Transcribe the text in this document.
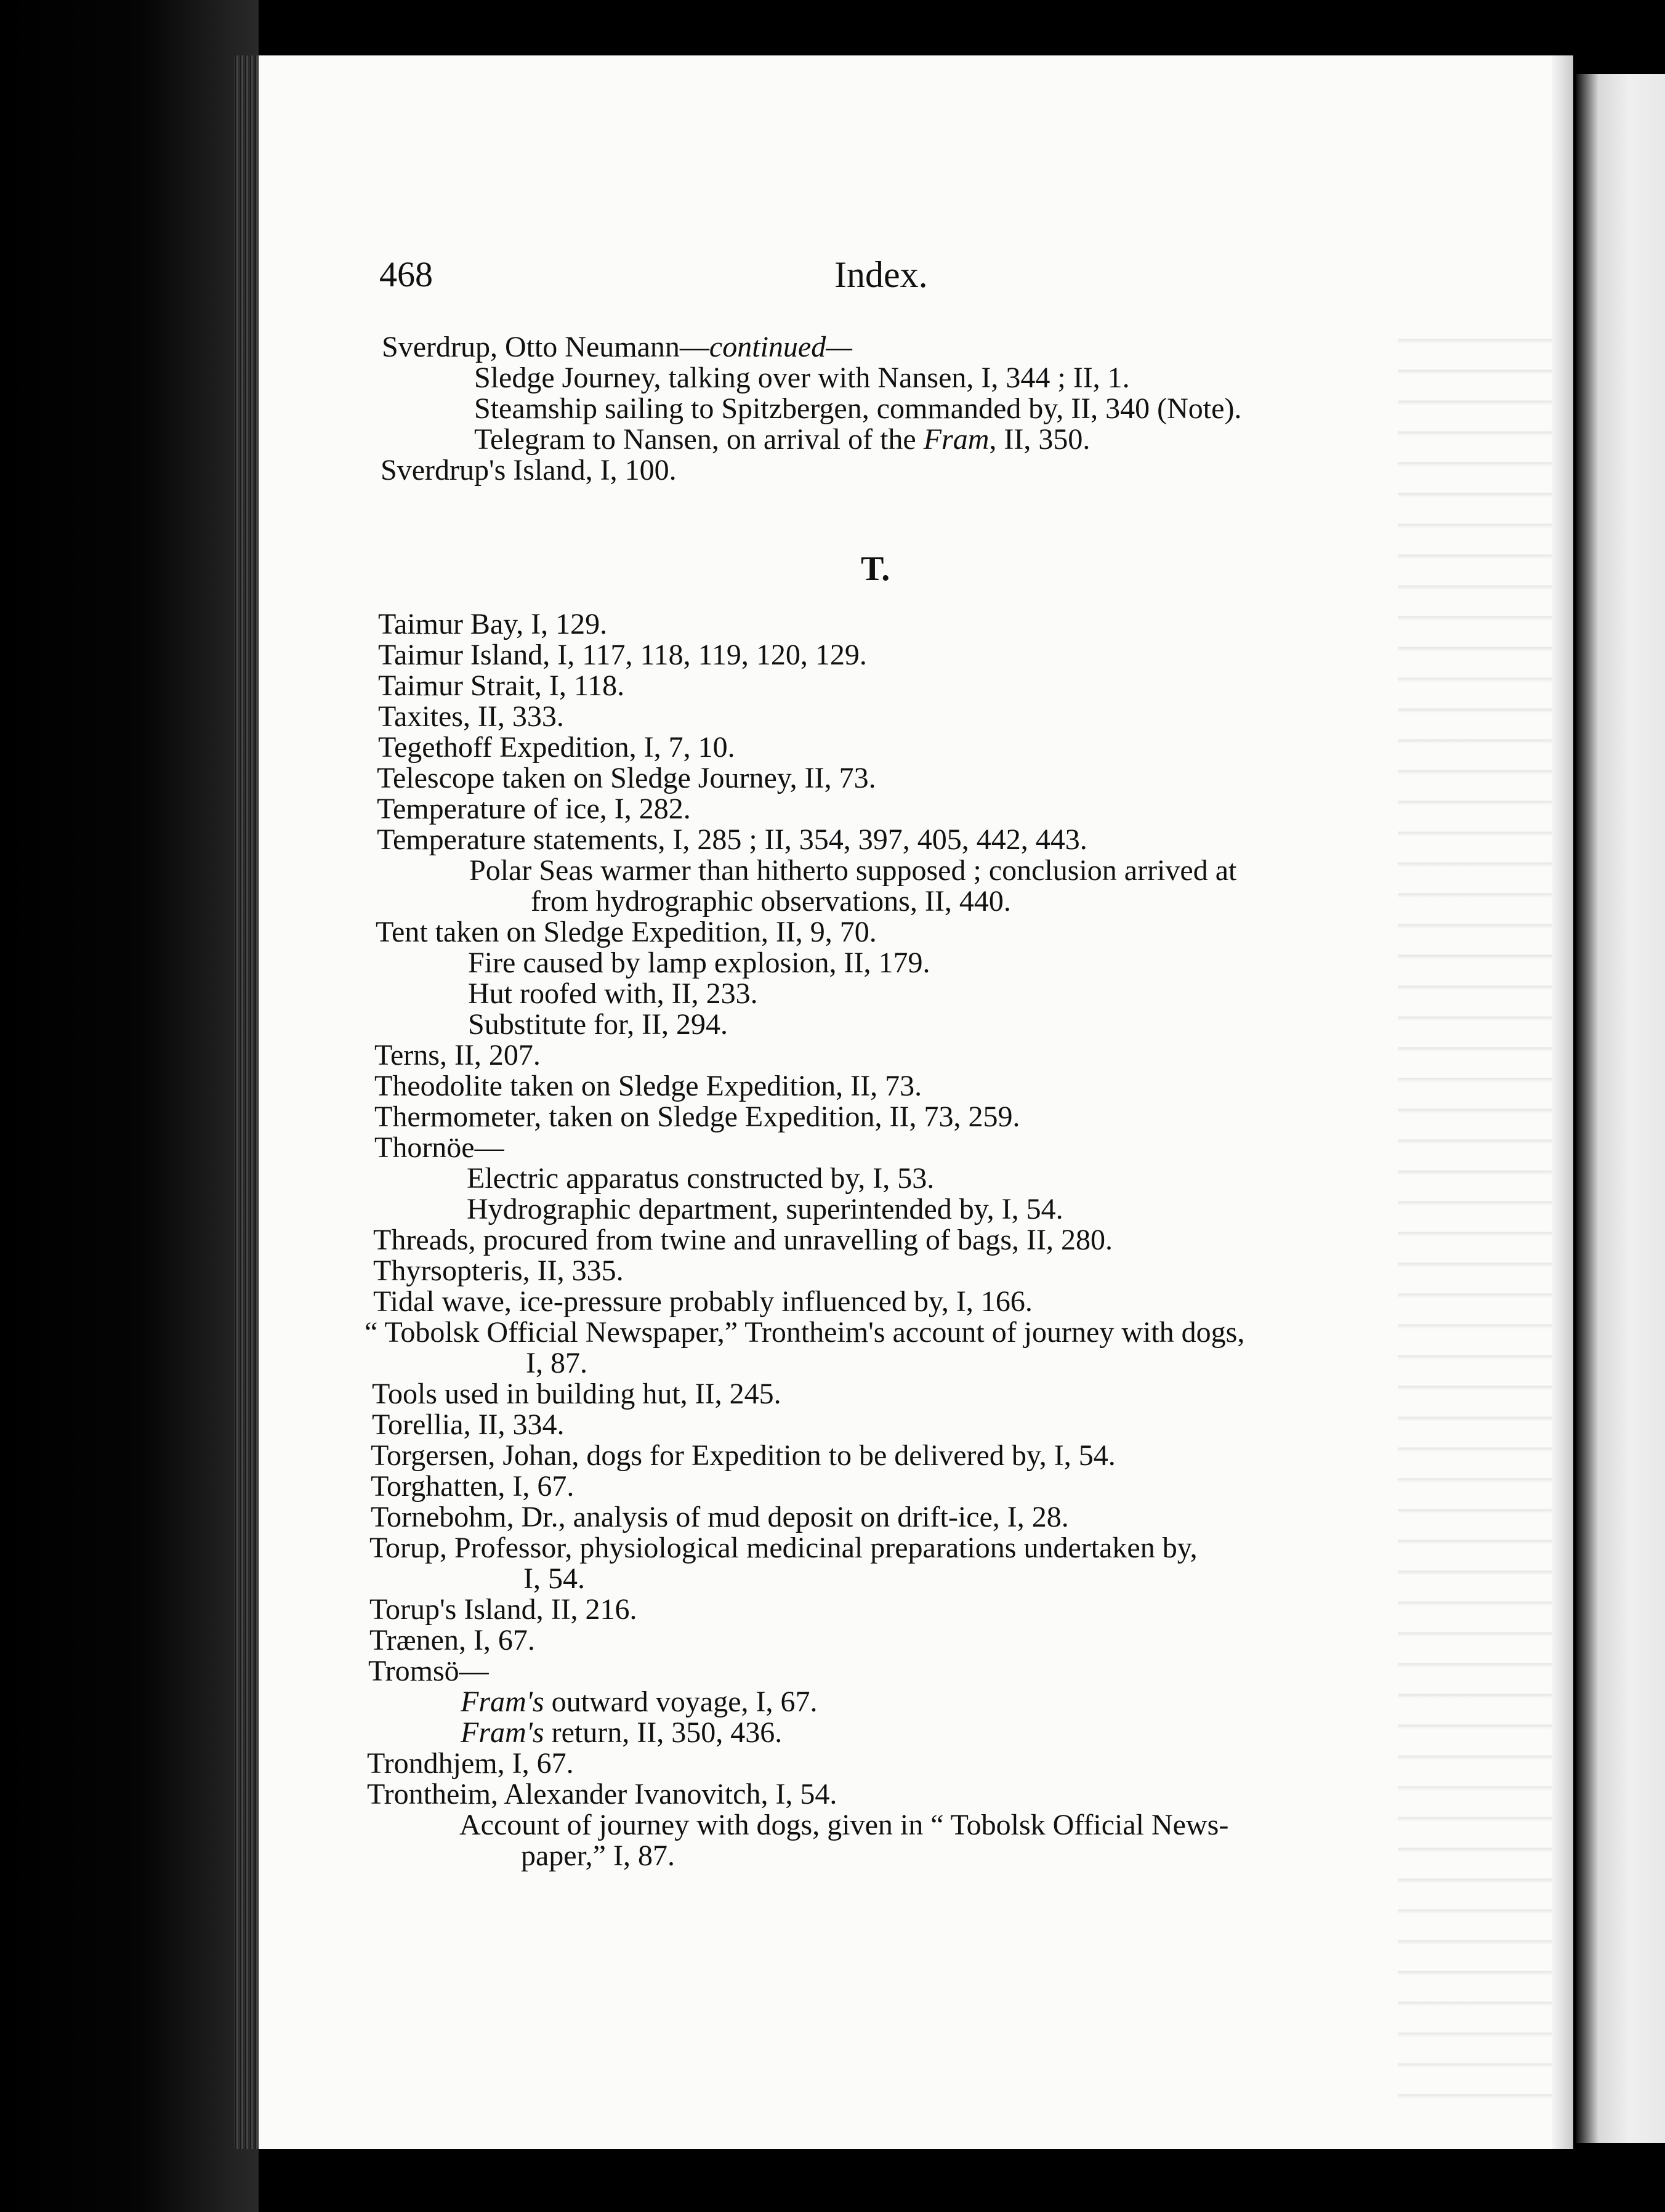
468	Index.
T.
Sverdrup, Otto Neumann—continued—
Sledge Journey, talking over with Nansen, I, 344 ; II, 1.
Steamship sailing to Spitzbergen, commanded by, II, 340 (Note).
Telegram to Nansen, on arrival of the Fram, II, 350.
Sverdrup's Island, I, 100.
Taimur Bay, I, 129.
Taimur Island, I, 117, 118, 119, 120, 129.
Taimur Strait, I, 118.
Taxites, II, 333.
Tegethoff Expedition, I, 7, 10.
Telescope taken on Sledge Journey, II, 73.
Temperature of ice, I, 282.
Temperature statements, I, 285 ; II, 354, 397, 405, 442, 443.
Polar Seas warmer than hitherto supposed ; conclusion arrived at
from hydrographic observations, II, 440.
Tent taken on Sledge Expedition, II, 9, 70.
Fire caused by lamp explosion, II, 179.
Hut roofed with, II, 233.
Substitute for, II, 294.
Terns, II, 207.
Theodolite taken on Sledge Expedition, II, 73.
Thermometer, taken on Sledge Expedition, II, 73, 259.
Thornöe—
Electric apparatus constructed by, I, 53.
Hydrographic department, superintended by, I, 54.
Threads, procured from twine and unravelling of bags, II, 280.
Thyrsopteris, II, 335.
Tidal wave, ice-pressure probably influenced by, I, 166.
“ Tobolsk Official Newspaper,” Trontheim's account of journey with dogs,
I, 87.
Tools used in building hut, II, 245.
Torellia, II, 334.
Torgersen, Johan, dogs for Expedition to be delivered by, I, 54.
Torghatten, I, 67.
Tornebohm, Dr., analysis of mud deposit on drift-ice, I, 28.
Torup, Professor, physiological medicinal preparations undertaken by,
I, 54.
Torup's Island, II, 216.
Trænen, I, 67.
Tromsö—
Fram's outward voyage, I, 67.
Fram's return, II, 350, 436.
Trondhjem, I, 67.
Trontheim, Alexander Ivanovitch, I, 54.
Account of journey with dogs, given in “ Tobolsk Official News-
paper,” I, 87.
